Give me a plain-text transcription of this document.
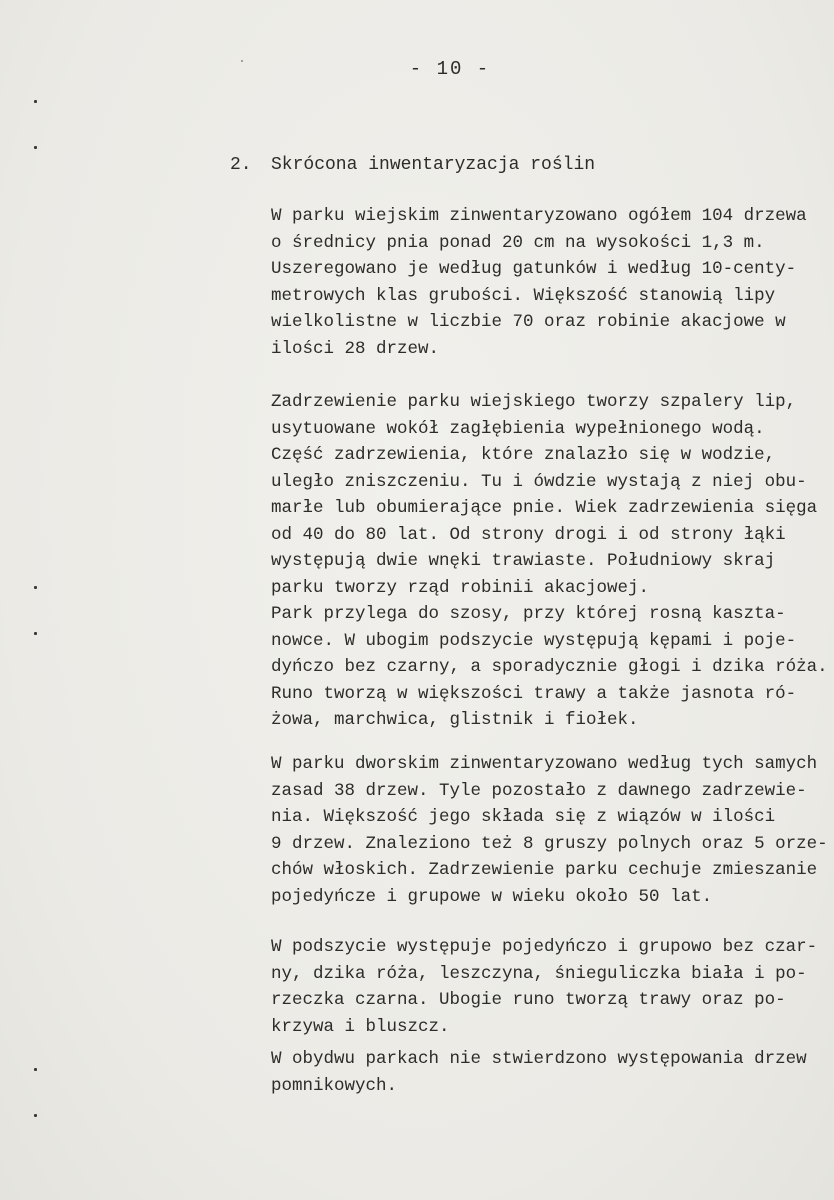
- 10 -
2. Skrócona inwentaryzacja roślin
W parku wiejskim zinwentaryzowano ogółem 104 drzewa
o średnicy pnia ponad 20 cm na wysokości 1,3 m.
Uszeregowano je według gatunków i według 10-centy-
metrowych klas grubości. Większość stanowią lipy
wielkolistne w liczbie 70 oraz robinie akacjowe w
ilości 28 drzew.
Zadrzewienie parku wiejskiego tworzy szpalery lip,
usytuowane wokół zagłębienia wypełnionego wodą.
Część zadrzewienia, które znalazło się w wodzie,
uległo zniszczeniu. Tu i ówdzie wystają z niej obu-
marłe lub obumierające pnie. Wiek zadrzewienia sięga
od 40 do 80 lat. Od strony drogi i od strony łąki
występują dwie wnęki trawiaste. Południowy skraj
parku tworzy rząd robinii akacjowej.
Park przylega do szosy, przy której rosną kaszta-
nowce. W ubogim podszycie występują kępami i poje-
dyńczo bez czarny, a sporadycznie głogi i dzika róża.
Runo tworzą w większości trawy a także jasnota ró-
żowa, marchwica, glistnik i fiołek.
W parku dworskim zinwentaryzowano według tych samych
zasad 38 drzew. Tyle pozostało z dawnego zadrzewie-
nia. Większość jego składa się z wiązów w ilości
9 drzew. Znaleziono też 8 gruszy polnych oraz 5 orze-
chów włoskich. Zadrzewienie parku cechuje zmieszanie
pojedyńcze i grupowe w wieku około 50 lat.
W podszycie występuje pojedyńczo i grupowo bez czar-
ny, dzika róża, leszczyna, śnieguliczka biała i po-
rzeczka czarna. Ubogie runo tworzą trawy oraz po-
krzywa i bluszcz.
W obydwu parkach nie stwierdzono występowania drzew
pomnikowych.
